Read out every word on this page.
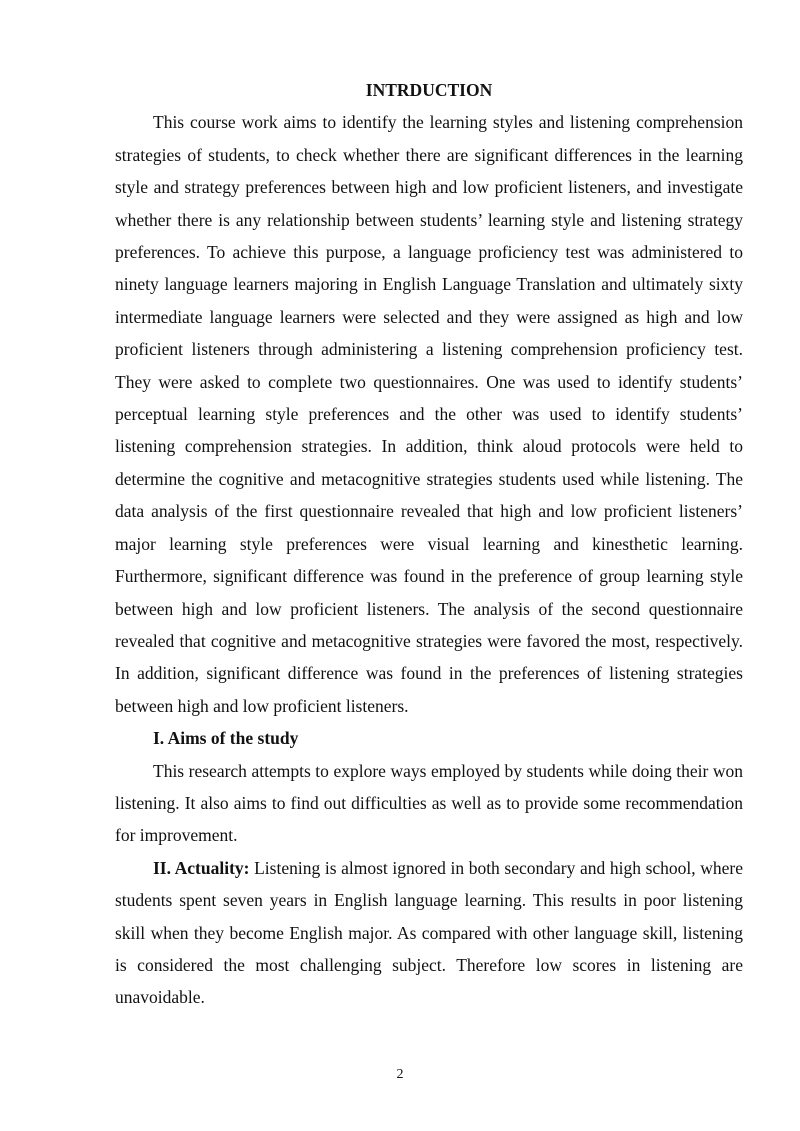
INTRDUCTION

This course work aims to identify the learning styles and listening comprehension strategies of students, to check whether there are significant differences in the learning style and strategy preferences between high and low proficient listeners, and investigate whether there is any relationship between students’ learning style and listening strategy preferences. To achieve this purpose, a language proficiency test was administered to ninety language learners majoring in English Language Translation and ultimately sixty intermediate language learners were selected and they were assigned as high and low proficient listeners through administering a listening comprehension proficiency test. They were asked to complete two questionnaires. One was used to identify students’ perceptual learning style preferences and the other was used to identify students’ listening comprehension strategies. In addition, think aloud protocols were held to determine the cognitive and metacognitive strategies students used while listening. The data analysis of the first questionnaire revealed that high and low proficient listeners’ major learning style preferences were visual learning and kinesthetic learning. Furthermore, significant difference was found in the preference of group learning style between high and low proficient listeners. The analysis of the second questionnaire revealed that cognitive and metacognitive strategies were favored the most, respectively. In addition, significant difference was found in the preferences of listening strategies between high and low proficient listeners.

I. Aims of the study

This research attempts to explore ways employed by students while doing their won listening. It also aims to find out difficulties as well as to provide some recommendation for improvement.

II. Actuality: Listening is almost ignored in both secondary and high school, where students spent seven years in English language learning. This results in poor listening skill when they become English major. As compared with other language skill, listening is considered the most challenging subject. Therefore low scores in listening are unavoidable.

2
